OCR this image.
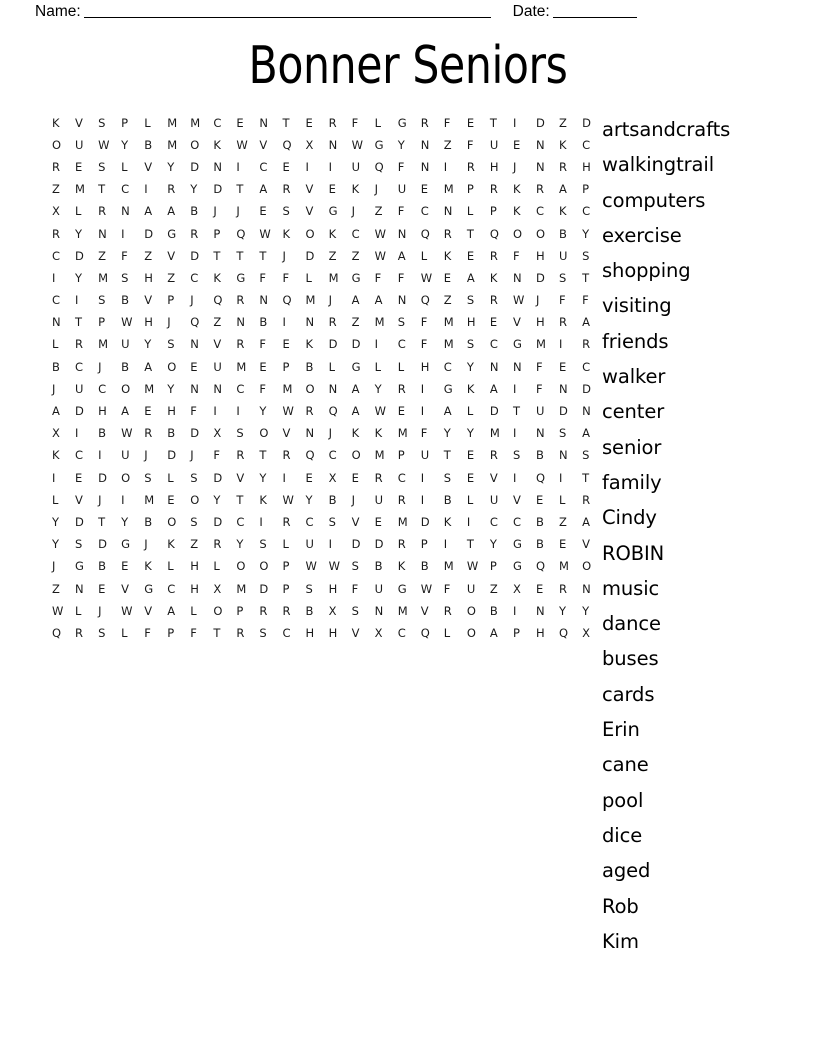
Name:	Date:
Bonner Seniors
K	V	S	P	L	M	M	C	E	N	T	E	R	F	L	G	R	F	E	T	I	D	Z	D
O	U	W	Y	B	M	O	K	W	V	Q	X	N	W	G	Y	N	Z	F	U	E	N	K	C
R	E	S	L	V	Y	D	N	I	C	E	I	I	U	Q	F	N	I	R	H	J	N	R	H
Z	M	T	C	I	R	Y	D	T	A	R	V	E	K	J	U	E	M	P	R	K	R	A	P
X	L	R	N	A	A	B	J	J	E	S	V	G	J	Z	F	C	N	L	P	K	C	K	C
R	Y	N	I	D	G	R	P	Q	W	K	O	K	C	W	N	Q	R	T	Q	O	O	B	Y
C	D	Z	F	Z	V	D	T	T	T	J	D	Z	Z	W	A	L	K	E	R	F	H	U	S
I	Y	M	S	H	Z	C	K	G	F	F	L	M	G	F	F	W	E	A	K	N	D	S	T
C	I	S	B	V	P	J	Q	R	N	Q	M	J	A	A	N	Q	Z	S	R	W	J	F	F
N	T	P	W	H	J	Q	Z	N	B	I	N	R	Z	M	S	F	M	H	E	V	H	R	A
L	R	M	U	Y	S	N	V	R	F	E	K	D	D	I	C	F	M	S	C	G	M	I	R
B	C	J	B	A	O	E	U	M	E	P	B	L	G	L	L	H	C	Y	N	N	F	E	C
J	U	C	O	M	Y	N	N	C	F	M	O	N	A	Y	R	I	G	K	A	I	F	N	D
A	D	H	A	E	H	F	I	I	Y	W	R	Q	A	W	E	I	A	L	D	T	U	D	N
X	I	B	W	R	B	D	X	S	O	V	N	J	K	K	M	F	Y	Y	M	I	N	S	A
K	C	I	U	J	D	J	F	R	T	R	Q	C	O	M	P	U	T	E	R	S	B	N	S
I	E	D	O	S	L	S	D	V	Y	I	E	X	E	R	C	I	S	E	V	I	Q	I	T
L	V	J	I	M	E	O	Y	T	K	W	Y	B	J	U	R	I	B	L	U	V	E	L	R
Y	D	T	Y	B	O	S	D	C	I	R	C	S	V	E	M	D	K	I	C	C	B	Z	A
Y	S	D	G	J	K	Z	R	Y	S	L	U	I	D	D	R	P	I	T	Y	G	B	E	V
J	G	B	E	K	L	H	L	O	O	P	W	W	S	B	K	B	M	W	P	G	Q	M	O
Z	N	E	V	G	C	H	X	M	D	P	S	H	F	U	G	W	F	U	Z	X	E	R	N
W	L	J	W	V	A	L	O	P	R	R	B	X	S	N	M	V	R	O	B	I	N	Y	Y
Q	R	S	L	F	P	F	T	R	S	C	H	H	V	X	C	Q	L	O	A	P	H	Q	X
artsandcrafts
walkingtrail
computers
exercise
shopping
visiting
friends
walker
center
senior
family
Cindy
ROBIN
music
dance
buses
cards
Erin
cane
pool
dice
aged
Rob
Kim
